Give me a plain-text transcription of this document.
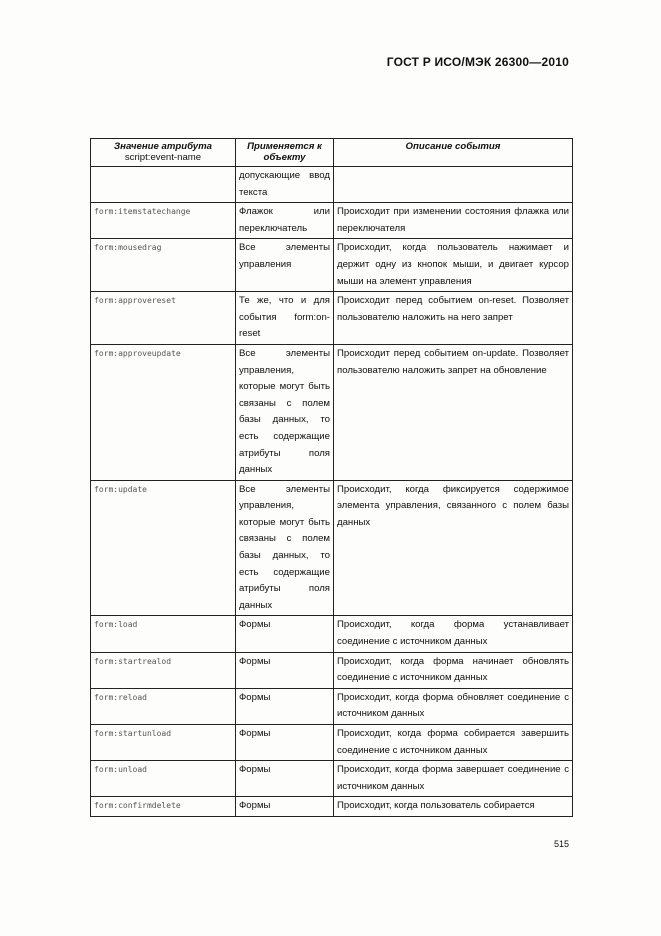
ГОСТ Р ИСО/МЭК 26300—2010
Значение атрибута
script:event-name	Применяется к объекту	Описание события

	допускающие ввод текста	
form:itemstatechange	Флажок или переключатель	Происходит при изменении состояния флажка или переключателя
form:mousedrag	Все элементы управления	Происходит, когда пользователь нажимает и держит одну из кнопок мыши, и двигает курсор мыши на элемент управления
form:approvereset	Те же, что и для события form:on-reset	Происходит перед событием on-reset. Позволяет пользователю наложить на него запрет
form:approveupdate	Все элементы управления, которые могут быть связаны с полем базы данных, то есть содержащие атрибуты поля данных	Происходит перед событием on-update. Позволяет пользователю наложить запрет на обновление
form:update	Все элементы управления, которые могут быть связаны с полем базы данных, то есть содержащие атрибуты поля данных	Происходит, когда фиксируется содержимое элемента управления, связанного с полем базы данных
form:load	Формы	Происходит, когда форма устанавливает соединение с источником данных
form:startrealod	Формы	Происходит, когда форма начинает обновлять соединение с источником данных
form:reload	Формы	Происходит, когда форма обновляет соединение с источником данных
form:startunload	Формы	Происходит, когда форма собирается завершить соединение с источником данных
form:unload	Формы	Происходит, когда форма завершает соединение с источником данных
form:confirmdelete	Формы	Происходит, когда пользователь собирается
515
